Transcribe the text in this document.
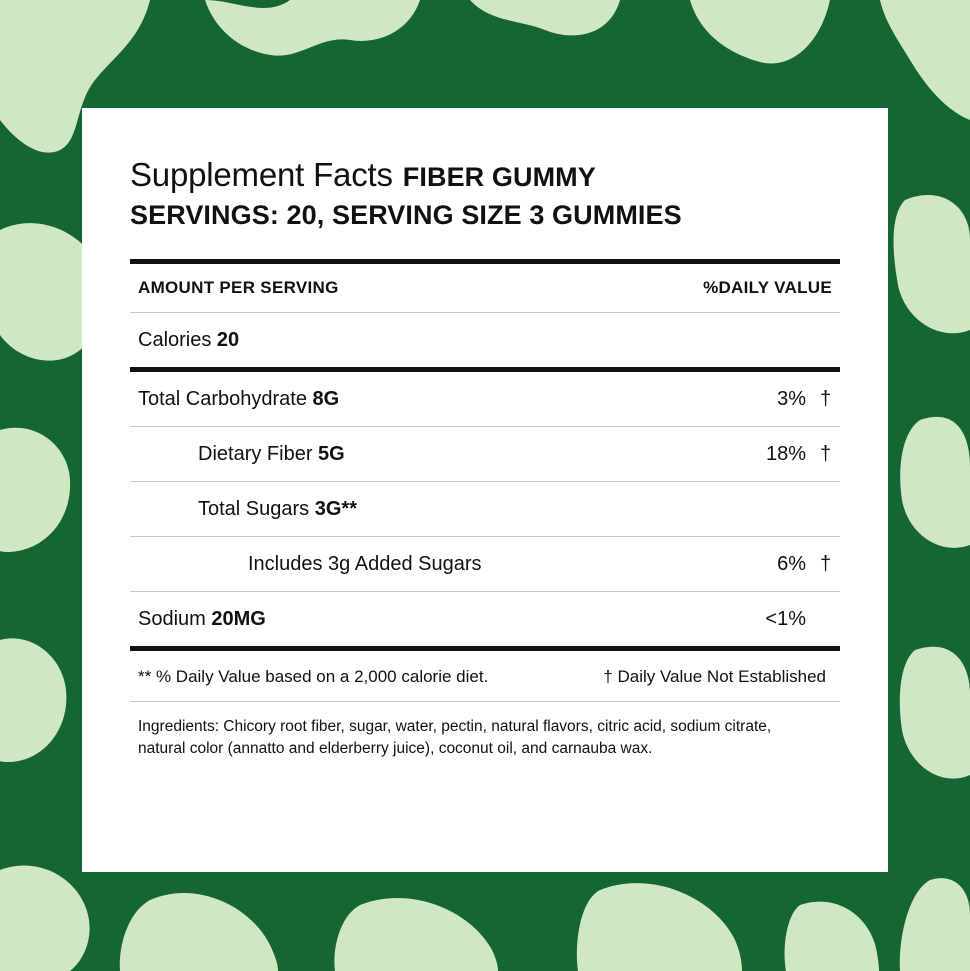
Supplement Facts FIBER GUMMY
SERVINGS: 20, SERVING SIZE 3 GUMMIES
AMOUNT PER SERVING	%DAILY VALUE
Calories 20
Total Carbohydrate 8G	3% †
Dietary Fiber 5G	18% †
Total Sugars 3G**
Includes 3g Added Sugars	6% †
Sodium 20MG	<1%
** % Daily Value based on a 2,000 calorie diet.	† Daily Value Not Established
Ingredients: Chicory root fiber, sugar, water, pectin, natural flavors, citric acid, sodium citrate, natural color (annatto and elderberry juice), coconut oil, and carnauba wax.
